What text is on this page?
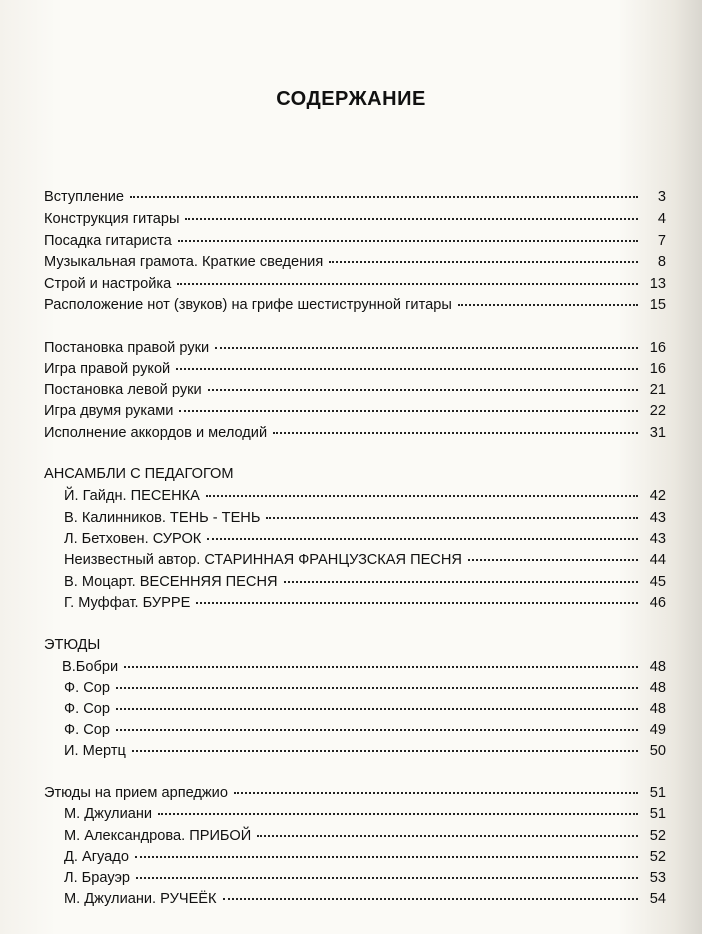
СОДЕРЖАНИЕ
Вступление	3
Конструкция гитары	4
Посадка гитариста	7
Музыкальная грамота. Краткие сведения	8
Строй и настройка	13
Расположение нот (звуков) на грифе шестиструнной гитары	15
Постановка правой руки	16
Игра правой рукой	16
Постановка левой руки	21
Игра двумя руками	22
Исполнение аккордов и мелодий	31
АНСАМБЛИ С ПЕДАГОГОМ
Й. Гайдн. ПЕСЕНКА	42
В. Калинников. ТЕНЬ - ТЕНЬ	43
Л. Бетховен. СУРОК	43
Неизвестный автор. СТАРИННАЯ ФРАНЦУЗСКАЯ ПЕСНЯ	44
В. Моцарт. ВЕСЕННЯЯ ПЕСНЯ	45
Г. Муффат. БУРРЕ	46
ЭТЮДЫ
В.Бобри	48
Ф. Сор	48
Ф. Сор	48
Ф. Сор	49
И. Мертц	50
Этюды на прием арпеджио	51
М. Джулиани	51
М. Александрова. ПРИБОЙ	52
Д. Агуадо	52
Л. Брауэр	53
М. Джулиани. РУЧЕЁК	54
